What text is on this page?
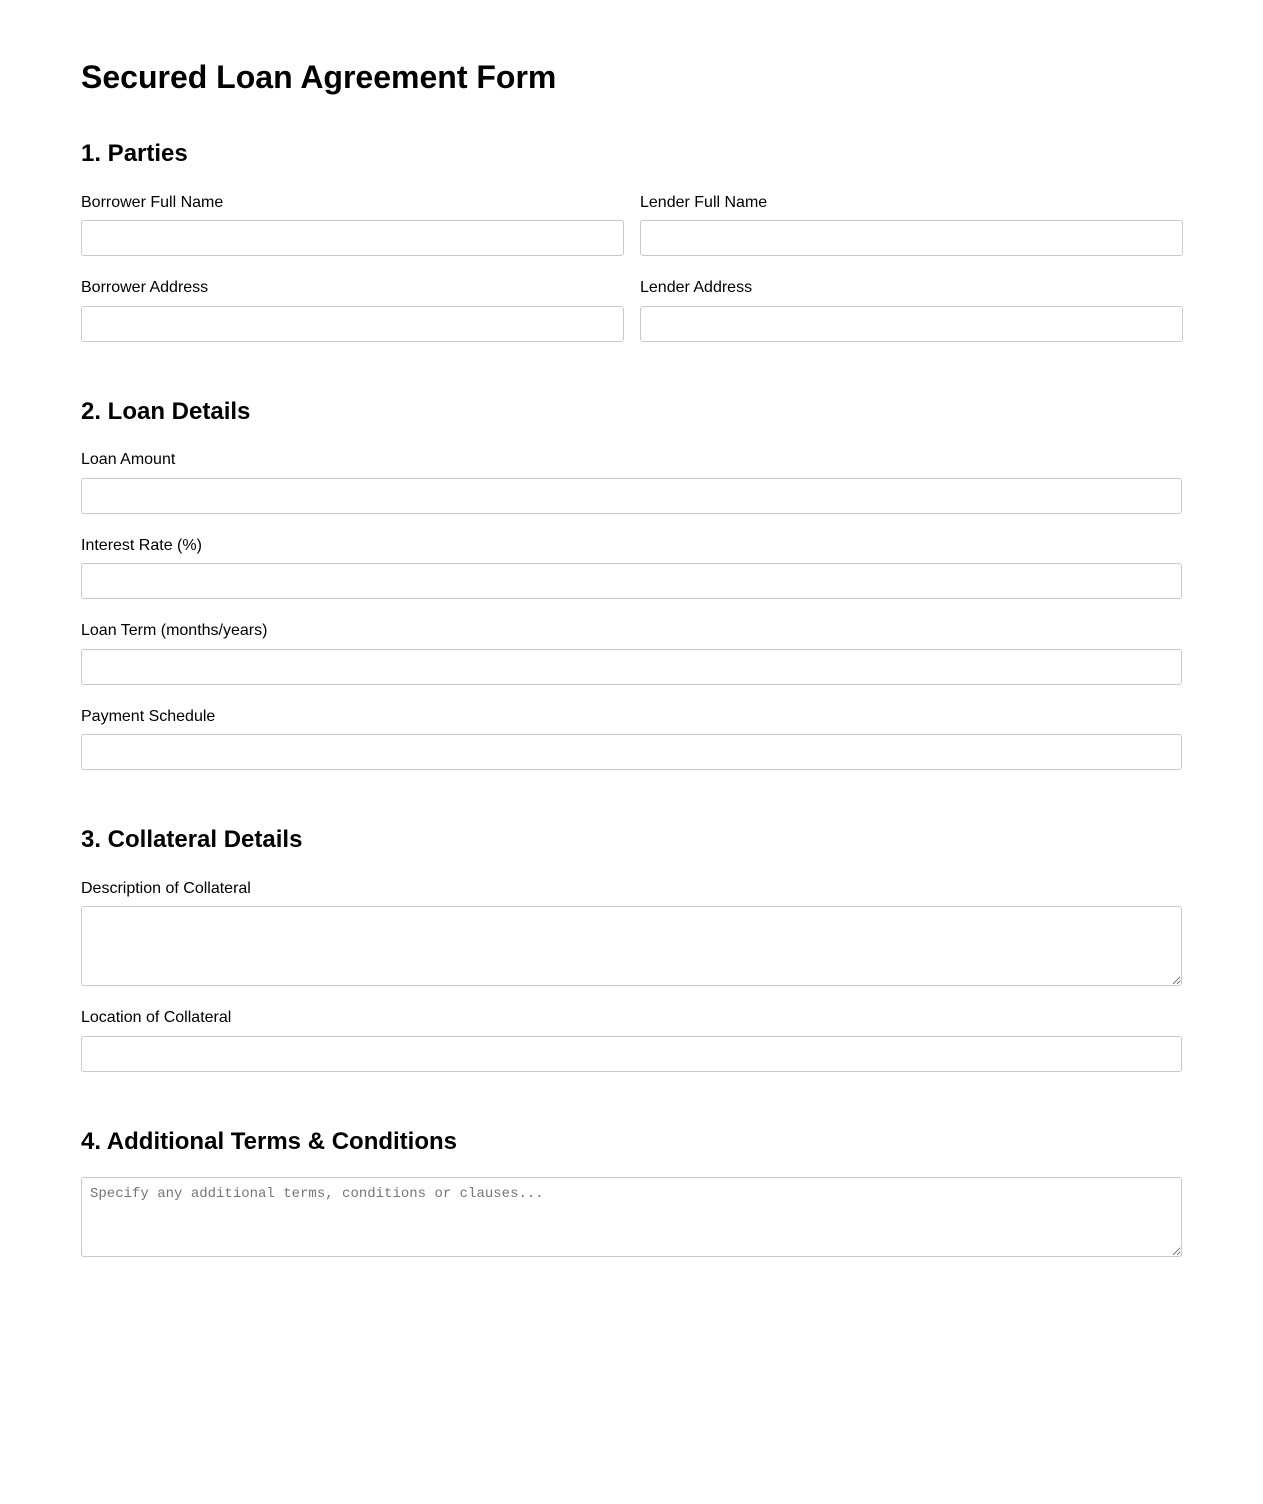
Secured Loan Agreement Form
1. Parties
Borrower Full Name	Lender Full Name
Borrower Address	Lender Address
2. Loan Details
Loan Amount
Interest Rate (%)
Loan Term (months/years)
Payment Schedule
3. Collateral Details
Description of Collateral
Location of Collateral
4. Additional Terms & Conditions
Specify any additional terms, conditions or clauses...
